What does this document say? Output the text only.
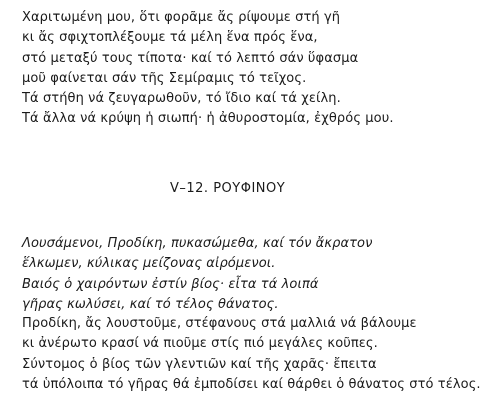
Χαριτωμένη μου, ὅτι φορᾶμε ἄς ρίψουμε στή γῆ
κι ἄς σφιχτοπλέξουμε τά μέλη ἕνα πρός ἕνα,
στό μεταξύ τους τίποτα· καί τό λεπτό σάν ὕφασμα
μοῦ φαίνεται σάν τῆς Σεμίραμις τό τεῖχος.
Τά στήθη νά ζευγαρωθοῦν, τό ἴδιο καί τά χείλη.
Τά ἄλλα νά κρύψη ἡ σιωπή· ἡ ἀθυροστομία, ἐχθρός μου.
V–12. ΡΟΥΦΙΝΟΥ
Λουσάμενοι, Προδίκη, πυκασώμεθα, καί τόν ἄκρατον
ἕλκωμεν, κύλικας μείζονας αἰρόμενοι.
Βαιός ὁ χαιρόντων ἐστίν βίος· εἶτα τά λοιπά
γῆρας κωλύσει, καί τό τέλος θάνατος.
Προδίκη, ἄς λουστοῦμε, στέφανους στά μαλλιά νά βάλουμε
κι ἀνέρωτο κρασί νά πιοῦμε στίς πιό μεγάλες κοῦπες.
Σύντομος ὁ βίος τῶν γλεντιῶν καί τῆς χαρᾶς· ἔπειτα
τά ὑπόλοιπα τό γῆρας θά ἐμποδίσει καί θάρθει ὁ θάνατος στό τέλος.
